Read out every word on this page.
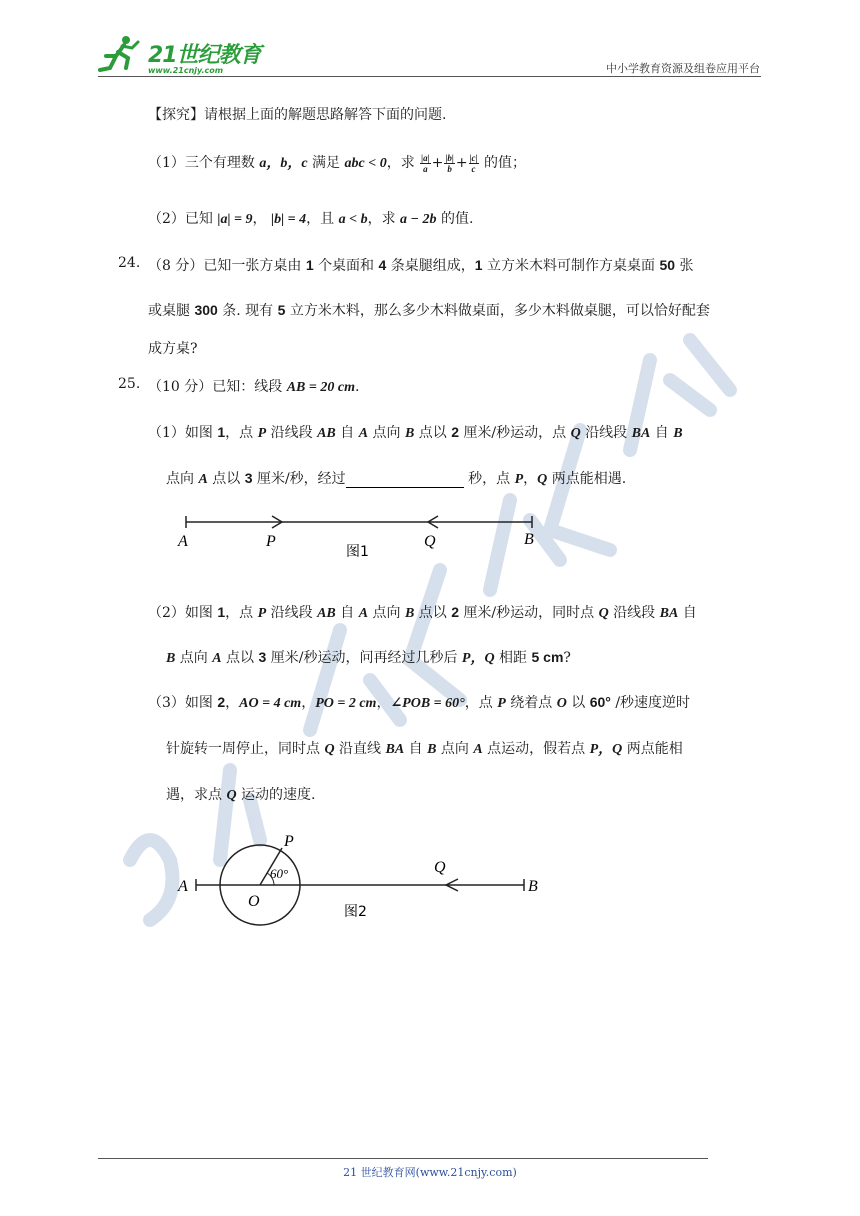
21世纪教育
www.21cnjy.com	中小学教育资源及组卷应用平台
【探究】请根据上面的解题思路解答下面的问题.
（1）三个有理数 a，b，c 满足 abc < 0，求 $\frac{|a|}{a} + \frac{|b|}{b} + \frac{|c|}{c}$ 的值；
（2）已知 |a| = 9， |b| = 4，且 a < b，求 a − 2b 的值.
24. （8 分）已知一张方桌由 1 个桌面和 4 条桌腿组成，1 立方米木料可制作方桌桌面 50 张
或桌腿 300 条. 现有 5 立方米木料，那么多少木料做桌面，多少木料做桌腿，可以恰好配套
成方桌?
25. （10 分）已知：线段 AB = 20 cm.
（1）如图 1，点 P 沿线段 AB 自 A 点向 B 点以 2 厘米/秒运动，点 Q 沿线段 BA 自 B
点向 A 点以 3 厘米/秒，经过	秒，点 P，Q 两点能相遇.
A	P	Q	B
图1
（2）如图 1，点 P 沿线段 AB 自 A 点向 B 点以 2 厘米/秒运动，同时点 Q 沿线段 BA 自
B 点向 A 点以 3 厘米/秒运动，问再经过几秒后 P，Q 相距 5 cm?
（3）如图 2，AO = 4 cm，PO = 2 cm，∠POB = 60°，点 P 绕着点 O 以 60° /秒速度逆时
针旋转一周停止，同时点 Q 沿直线 BA 自 B 点向 A 点运动，假若点 P，Q 两点能相
遇，求点 Q 运动的速度.
A
O
P
60°	Q
B
图2
21 世纪教育网(www.21cnjy.com)
